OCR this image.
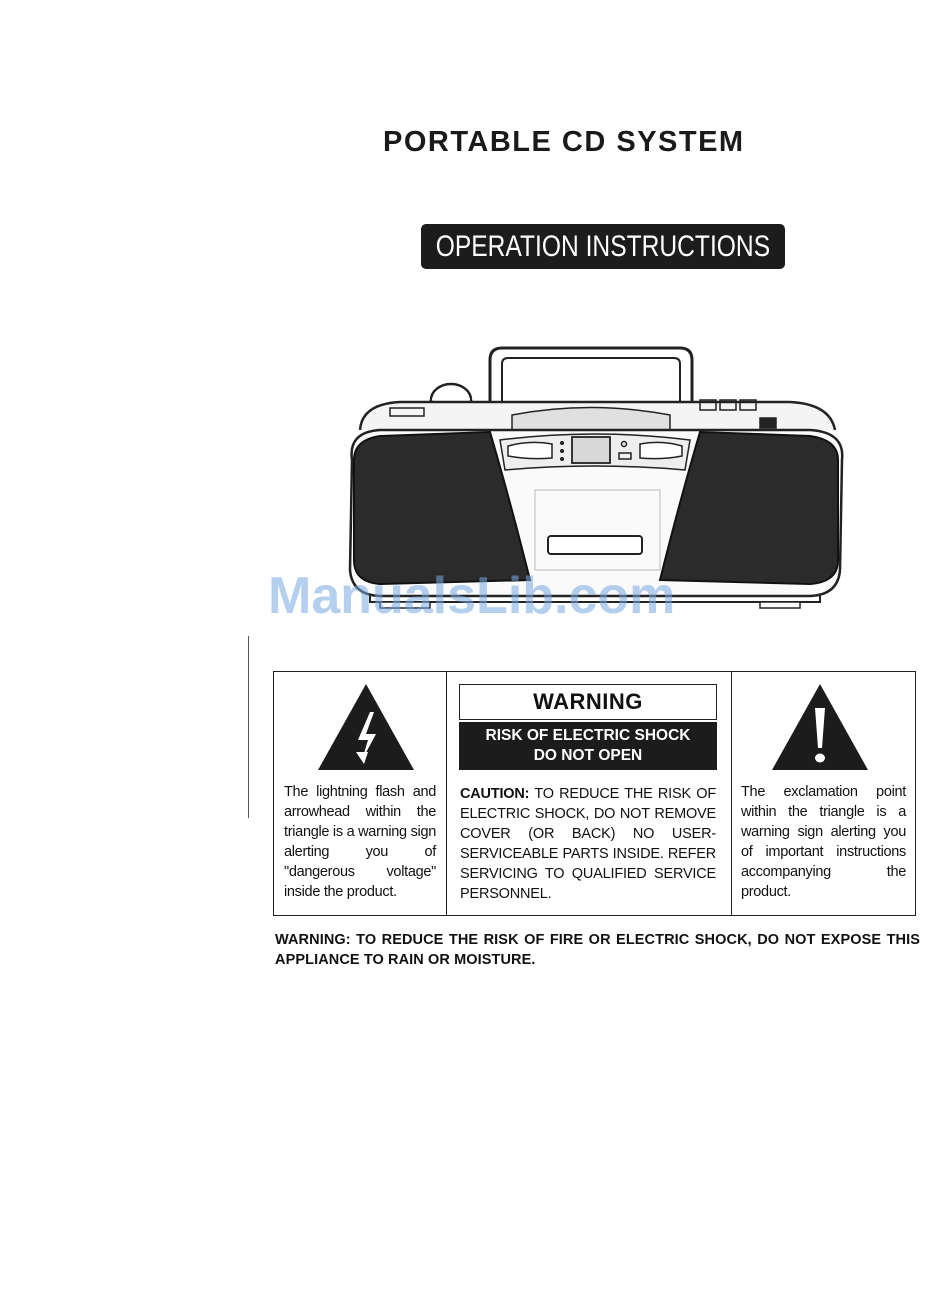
PORTABLE CD SYSTEM
OPERATION INSTRUCTIONS
ManualsLib.com
The lightning flash and arrowhead within the triangle is a warning sign alerting you of "dangerous voltage" inside the product.
WARNING
RISK OF ELECTRIC SHOCK
DO NOT OPEN
CAUTION: TO REDUCE THE RISK OF ELECTRIC SHOCK, DO NOT REMOVE COVER (OR BACK) NO USER-SERVICEABLE PARTS INSIDE. REFER SERVICING TO QUALIFIED SERVICE PERSONNEL.
The exclamation point within the triangle is a warning sign alerting you of important instructions accompanying the product.
WARNING: TO REDUCE THE RISK OF FIRE OR ELECTRIC SHOCK, DO NOT EXPOSE THIS APPLIANCE TO RAIN OR MOISTURE.
